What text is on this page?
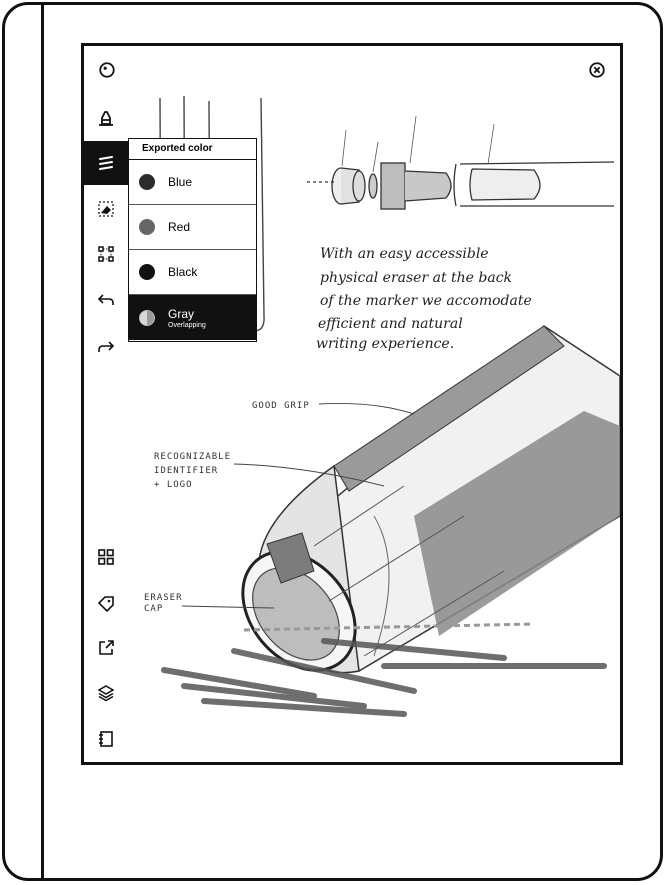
With an easy accessible
physical eraser at the back
of the marker we accomodate
efficient and natural
writing experience.
GOOD GRIP
RECOGNIZABLE
IDENTIFIER
+ LOGO
ERASER
CAP
Exported color
Blue
Red
Black
Gray
Overlapping
